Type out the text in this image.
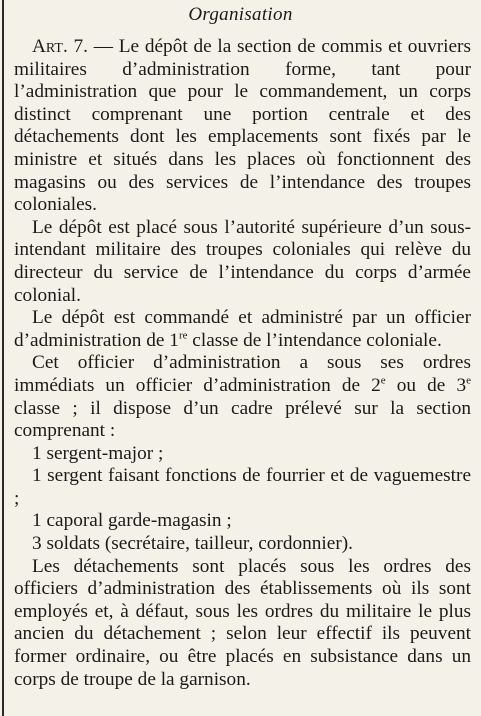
Organisation

Art. 7. — Le dépôt de la section de commis et ouvriers militaires d’administration forme, tant pour l’administration que pour le commandement, un corps distinct comprenant une portion centrale et des détachements dont les emplacements sont fixés par le ministre et situés dans les places où fonctionnent des magasins ou des services de l’intendance des troupes coloniales.

Le dépôt est placé sous l’autorité supérieure d’un sous-intendant militaire des troupes coloniales qui relève du directeur du service de l’intendance du corps d’armée colonial.

Le dépôt est commandé et administré par un officier d’administration de 1re classe de l’intendance coloniale.

Cet officier d’administration a sous ses ordres immédiats un officier d’administration de 2e ou de 3e classe ; il dispose d’un cadre prélevé sur la section comprenant :

1 sergent-major ;

1 sergent faisant fonctions de fourrier et de vaguemestre ;

1 caporal garde-magasin ;

3 soldats (secrétaire, tailleur, cordonnier).

Les détachements sont placés sous les ordres des officiers d’administration des établissements où ils sont employés et, à défaut, sous les ordres du militaire le plus ancien du détachement ; selon leur effectif ils peuvent former ordinaire, ou être placés en subsistance dans un corps de troupe de la garnison.
